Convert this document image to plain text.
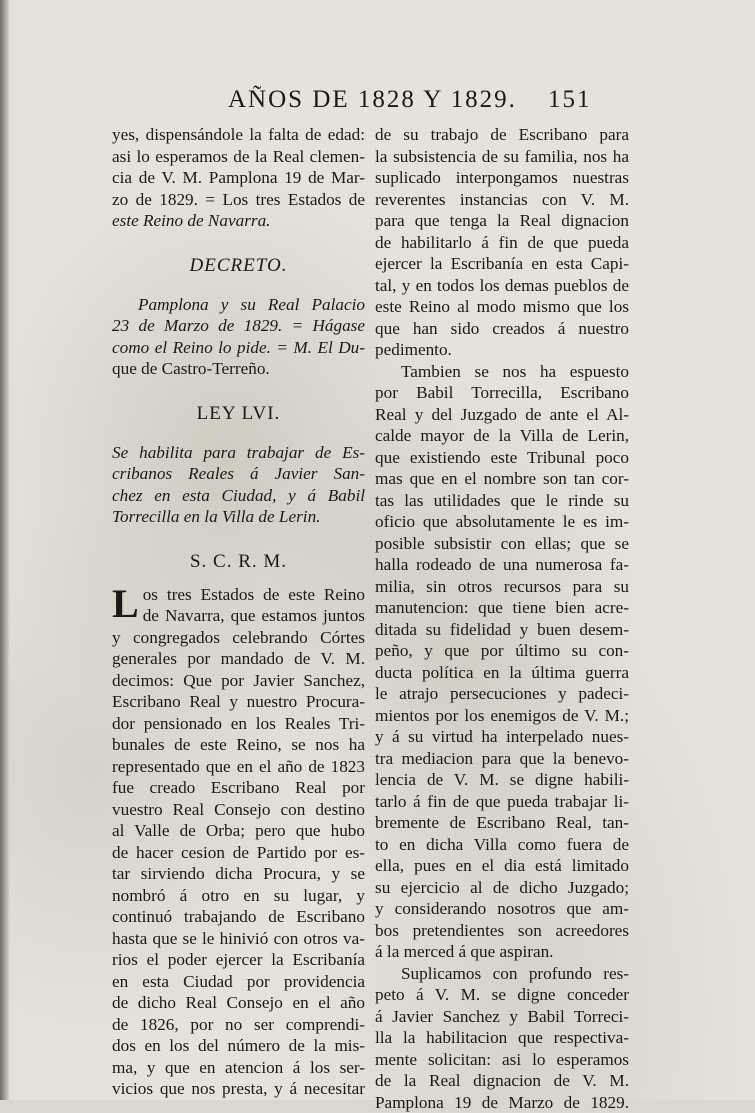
AÑOS DE 1828 Y 1829. 151
yes, dispensándole la falta de edad:
asi lo esperamos de la Real clemen-
cia de V. M. Pamplona 19 de Mar-
zo de 1829. = Los tres Estados de
este Reino de Navarra.
DECRETO.
Pamplona y su Real Palacio
23 de Marzo de 1829. = Hágase
como el Reino lo pide. = M. El Du-
que de Castro-Terreño.
LEY LVI.
Se habilita para trabajar de Es-
cribanos Reales á Javier San-
chez en esta Ciudad, y á Babil
Torrecilla en la Villa de Lerin.
S. C. R. M.
L os tres Estados de este Reino
de Navarra, que estamos juntos
y congregados celebrando Córtes
generales por mandado de V. M.
decimos: Que por Javier Sanchez,
Escribano Real y nuestro Procura-
dor pensionado en los Reales Tri-
bunales de este Reino, se nos ha
representado que en el año de 1823
fue creado Escribano Real por
vuestro Real Consejo con destino
al Valle de Orba; pero que hubo
de hacer cesion de Partido por es-
tar sirviendo dicha Procura, y se
nombró á otro en su lugar, y
continuó trabajando de Escribano
hasta que se le hinivió con otros va-
rios el poder ejercer la Escribanía
en esta Ciudad por providencia
de dicho Real Consejo en el año
de 1826, por no ser comprendi-
dos en los del número de la mis-
ma, y que en atencion á los ser-
vicios que nos presta, y á necesitar
de su trabajo de Escribano para
la subsistencia de su familia, nos ha
suplicado interpongamos nuestras
reverentes instancias con V. M.
para que tenga la Real dignacion
de habilitarlo á fin de que pueda
ejercer la Escribanía en esta Capi-
tal, y en todos los demas pueblos de
este Reino al modo mismo que los
que han sido creados á nuestro
pedimento.
Tambien se nos ha espuesto
por Babil Torrecilla, Escribano
Real y del Juzgado de ante el Al-
calde mayor de la Villa de Lerin,
que existiendo este Tribunal poco
mas que en el nombre son tan cor-
tas las utilidades que le rinde su
oficio que absolutamente le es im-
posible subsistir con ellas; que se
halla rodeado de una numerosa fa-
milia, sin otros recursos para su
manutencion: que tiene bien acre-
ditada su fidelidad y buen desem-
peño, y que por último su con-
ducta política en la última guerra
le atrajo persecuciones y padeci-
mientos por los enemigos de V. M.;
y á su virtud ha interpelado nues-
tra mediacion para que la benevo-
lencia de V. M. se digne habili-
tarlo á fin de que pueda trabajar li-
bremente de Escribano Real, tan-
to en dicha Villa como fuera de
ella, pues en el dia está limitado
su ejercicio al de dicho Juzgado;
y considerando nosotros que am-
bos pretendientes son acreedores
á la merced á que aspiran.
Suplicamos con profundo res-
peto á V. M. se digne conceder
á Javier Sanchez y Babil Torreci-
lla la habilitacion que respectiva-
mente solicitan: asi lo esperamos
de la Real dignacion de V. M.
Pamplona 19 de Marzo de 1829.
